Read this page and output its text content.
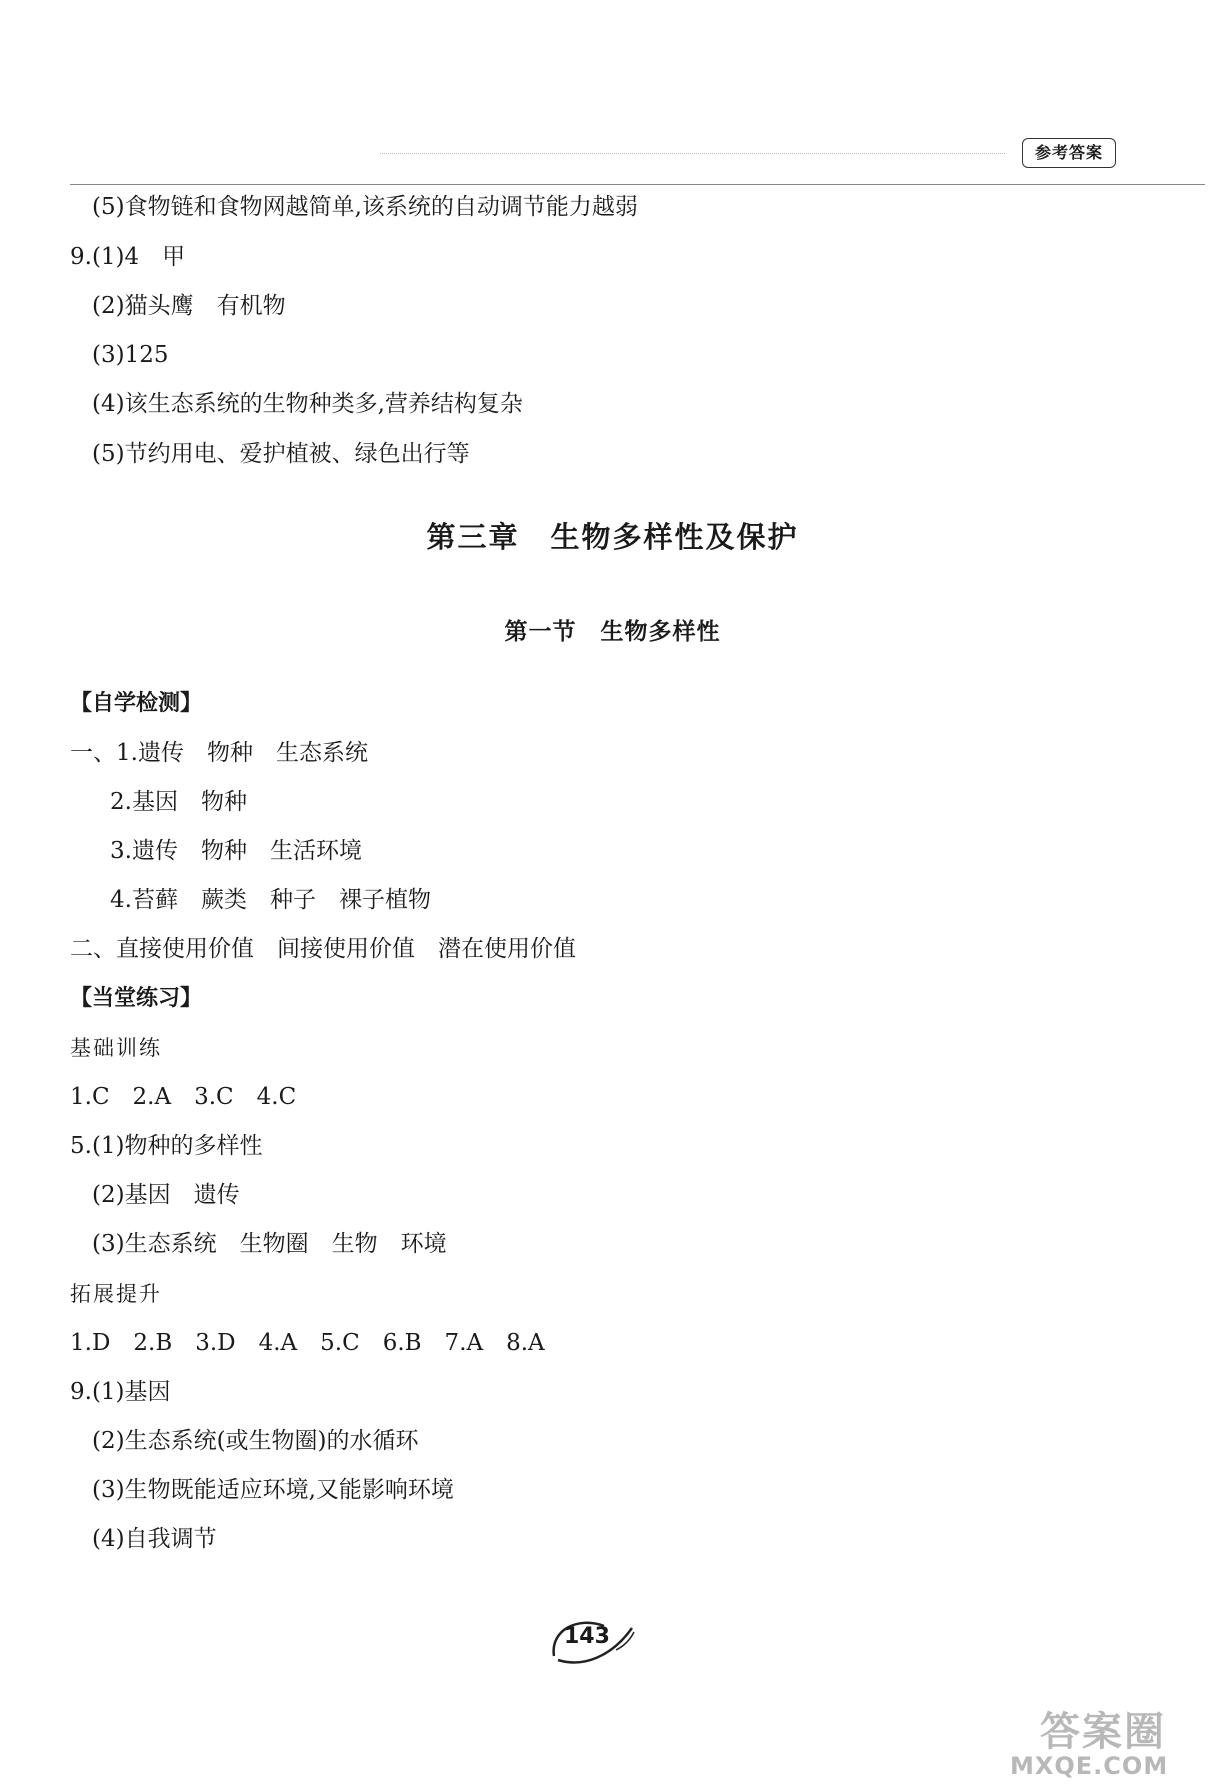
参考答案
(5)食物链和食物网越简单,该系统的自动调节能力越弱
9.(1)4　甲
(2)猫头鹰　有机物
(3)125
(4)该生态系统的生物种类多,营养结构复杂
(5)节约用电、爱护植被、绿色出行等
第三章　生物多样性及保护
第一节　生物多样性
【自学检测】
一、1.遗传　物种　生态系统
2.基因　物种
3.遗传　物种　生活环境
4.苔藓　蕨类　种子　裸子植物
二、直接使用价值　间接使用价值　潜在使用价值
【当堂练习】
基础训练
1.C　2.A　3.C　4.C
5.(1)物种的多样性
(2)基因　遗传
(3)生态系统　生物圈　生物　环境
拓展提升
1.D　2.B　3.D　4.A　5.C　6.B　7.A　8.A
9.(1)基因
(2)生态系统(或生物圈)的水循环
(3)生物既能适应环境,又能影响环境
(4)自我调节
143
答案圈
MXQE.COM
